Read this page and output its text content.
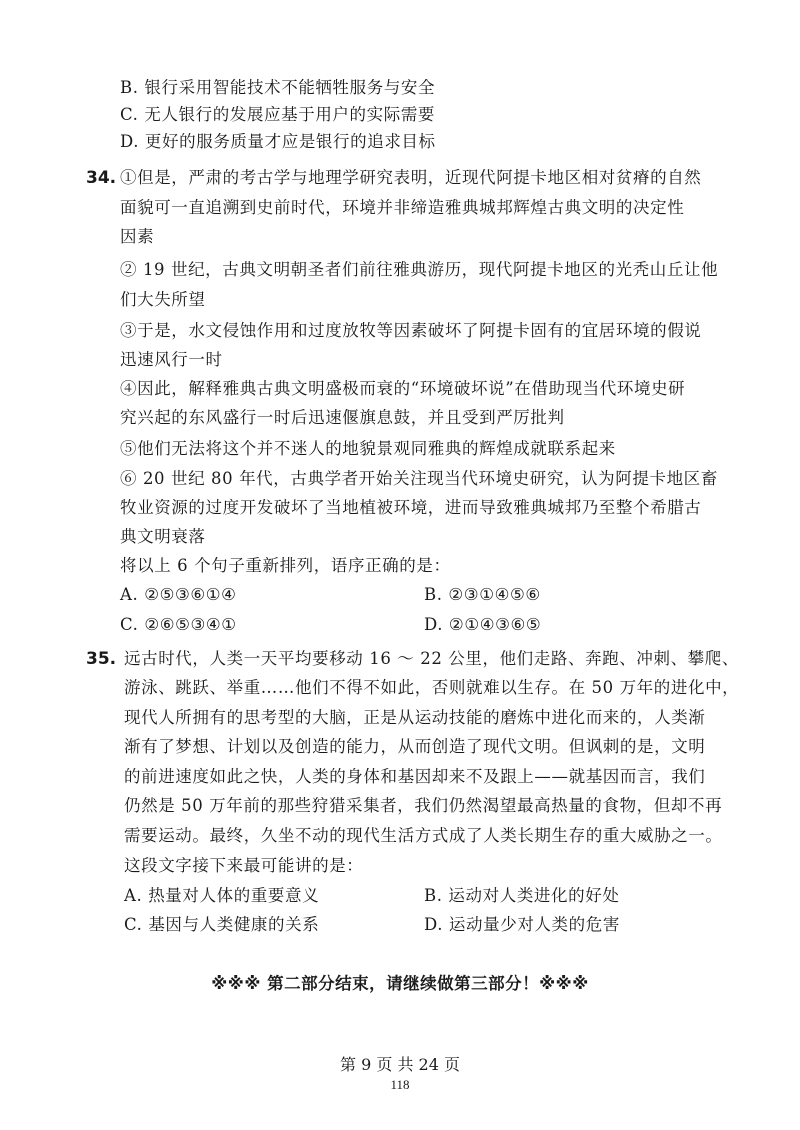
B. 银行采用智能技术不能牺牲服务与安全
C. 无人银行的发展应基于用户的实际需要
D. 更好的服务质量才应是银行的追求目标
34. ①但是，严肃的考古学与地理学研究表明，近现代阿提卡地区相对贫瘠的自然
面貌可一直追溯到史前时代，环境并非缔造雅典城邦辉煌古典文明的决定性
因素
② 19 世纪，古典文明朝圣者们前往雅典游历，现代阿提卡地区的光秃山丘让他
们大失所望
③于是，水文侵蚀作用和过度放牧等因素破坏了阿提卡固有的宜居环境的假说
迅速风行一时
④因此，解释雅典古典文明盛极而衰的“环境破坏说”在借助现当代环境史研
究兴起的东风盛行一时后迅速偃旗息鼓，并且受到严厉批判
⑤他们无法将这个并不迷人的地貌景观同雅典的辉煌成就联系起来
⑥ 20 世纪 80 年代，古典学者开始关注现当代环境史研究，认为阿提卡地区畜
牧业资源的过度开发破坏了当地植被环境，进而导致雅典城邦乃至整个希腊古
典文明衰落
将以上 6 个句子重新排列，语序正确的是：
A. ②⑤③⑥①④	B. ②③①④⑤⑥
C. ②⑥⑤③④①	D. ②①④③⑥⑤
35. 远古时代，人类一天平均要移动 16 ～ 22 公里，他们走路、奔跑、冲刺、攀爬、
游泳、跳跃、举重……他们不得不如此，否则就难以生存。在 50 万年的进化中，
现代人所拥有的思考型的大脑，正是从运动技能的磨炼中进化而来的，人类渐
渐有了梦想、计划以及创造的能力，从而创造了现代文明。但讽刺的是，文明
的前进速度如此之快，人类的身体和基因却来不及跟上——就基因而言，我们
仍然是 50 万年前的那些狩猎采集者，我们仍然渴望最高热量的食物，但却不再
需要运动。最终，久坐不动的现代生活方式成了人类长期生存的重大威胁之一。
这段文字接下来最可能讲的是：
A. 热量对人体的重要意义	B. 运动对人类进化的好处
C. 基因与人类健康的关系	D. 运动量少对人类的危害
※※※ 第二部分结束，请继续做第三部分！※※※
第 9 页 共 24 页
118
